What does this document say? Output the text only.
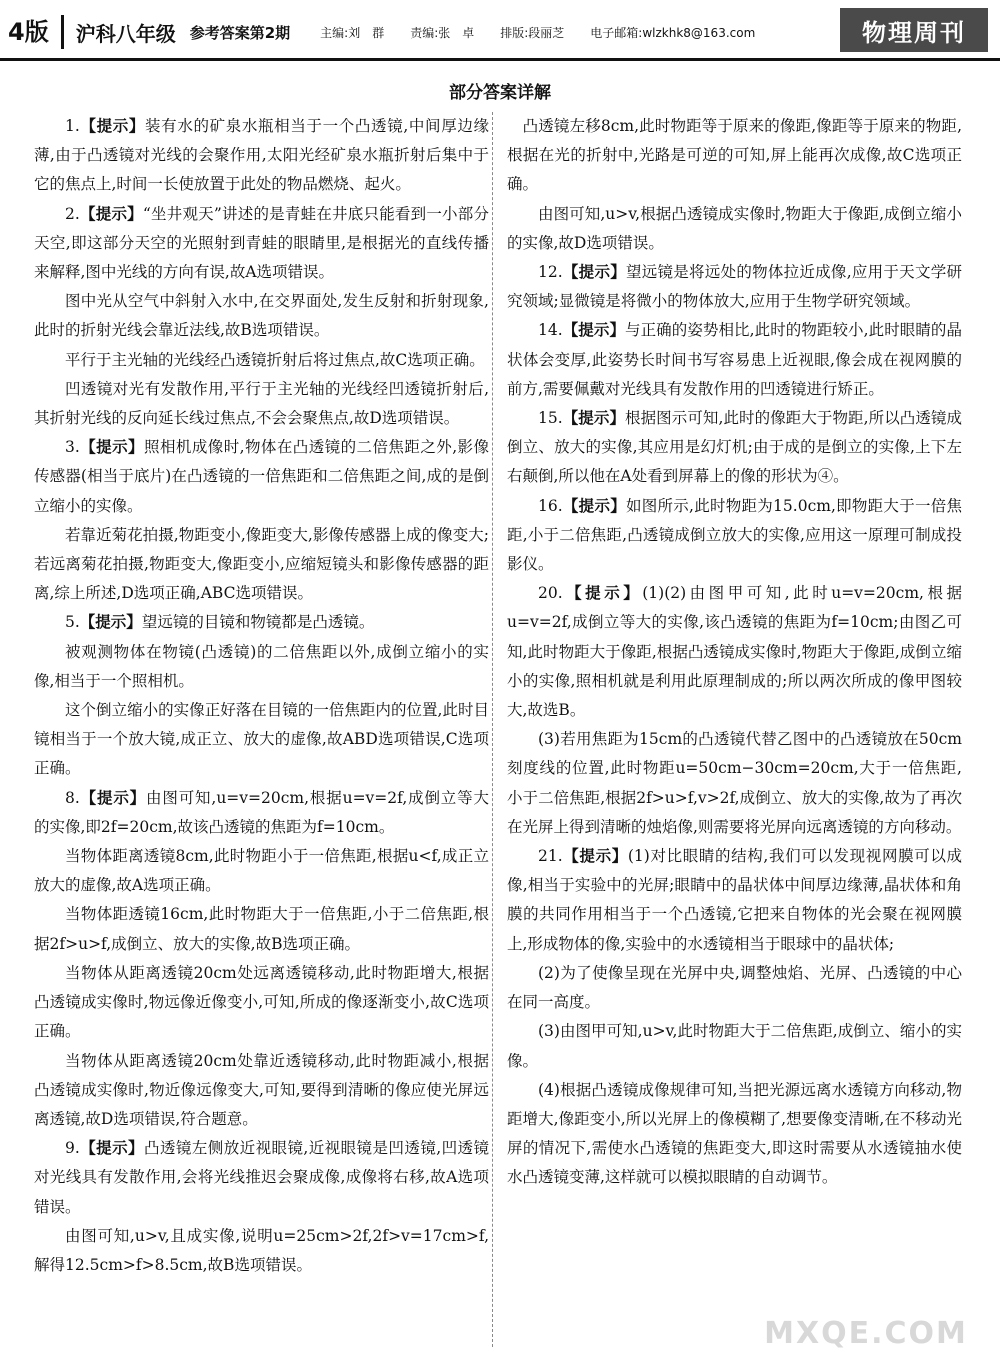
4版	沪科八年级 参考答案第2期	主编:刘　群 责编:张　卓 排版:段丽芝 电子邮箱:wlzkhk8@163.com	物理周刊
部分答案详解

1.【提示】装有水的矿泉水瓶相当于一个凸透镜,中间厚边缘薄,由于凸透镜对光线的会聚作用,太阳光经矿泉水瓶折射后集中于它的焦点上,时间一长使放置于此处的物品燃烧、起火。

2.【提示】“坐井观天”讲述的是青蛙在井底只能看到一小部分天空,即这部分天空的光照射到青蛙的眼睛里,是根据光的直线传播来解释,图中光线的方向有误,故A选项错误。

图中光从空气中斜射入水中,在交界面处,发生反射和折射现象,此时的折射光线会靠近法线,故B选项错误。

平行于主光轴的光线经凸透镜折射后将过焦点,故C选项正确。

凹透镜对光有发散作用,平行于主光轴的光线经凹透镜折射后,其折射光线的反向延长线过焦点,不会会聚焦点,故D选项错误。

3.【提示】照相机成像时,物体在凸透镜的二倍焦距之外,影像传感器(相当于底片)在凸透镜的一倍焦距和二倍焦距之间,成的是倒立缩小的实像。

若靠近菊花拍摄,物距变小,像距变大,影像传感器上成的像变大;若远离菊花拍摄,物距变大,像距变小,应缩短镜头和影像传感器的距离,综上所述,D选项正确,ABC选项错误。

5.【提示】望远镜的目镜和物镜都是凸透镜。

被观测物体在物镜(凸透镜)的二倍焦距以外,成倒立缩小的实像,相当于一个照相机。

这个倒立缩小的实像正好落在目镜的一倍焦距内的位置,此时目镜相当于一个放大镜,成正立、放大的虚像,故ABD选项错误,C选项正确。

8.【提示】由图可知,u=v=20cm,根据u=v=2f,成倒立等大的实像,即2f=20cm,故该凸透镜的焦距为f=10cm。

当物体距离透镜8cm,此时物距小于一倍焦距,根据u<f,成正立放大的虚像,故A选项正确。

当物体距透镜16cm,此时物距大于一倍焦距,小于二倍焦距,根据2f>u>f,成倒立、放大的实像,故B选项正确。

当物体从距离透镜20cm处远离透镜移动,此时物距增大,根据凸透镜成实像时,物远像近像变小,可知,所成的像逐渐变小,故C选项正确。

当物体从距离透镜20cm处靠近透镜移动,此时物距减小,根据凸透镜成实像时,物近像远像变大,可知,要得到清晰的像应使光屏远离透镜,故D选项错误,符合题意。

9.【提示】凸透镜左侧放近视眼镜,近视眼镜是凹透镜,凹透镜对光线具有发散作用,会将光线推迟会聚成像,成像将右移,故A选项错误。

由图可知,u>v,且成实像,说明u=25cm>2f,2f>v=17cm>f,解得12.5cm>f>8.5cm,故B选项错误。

　凸透镜左移8cm,此时物距等于原来的像距,像距等于原来的物距,根据在光的折射中,光路是可逆的可知,屏上能再次成像,故C选项正确。

由图可知,u>v,根据凸透镜成实像时,物距大于像距,成倒立缩小的实像,故D选项错误。

12.【提示】望远镜是将远处的物体拉近成像,应用于天文学研究领域;显微镜是将微小的物体放大,应用于生物学研究领域。

14.【提示】与正确的姿势相比,此时的物距较小,此时眼睛的晶状体会变厚,此姿势长时间书写容易患上近视眼,像会成在视网膜的前方,需要佩戴对光线具有发散作用的凹透镜进行矫正。

15.【提示】根据图示可知,此时的像距大于物距,所以凸透镜成倒立、放大的实像,其应用是幻灯机;由于成的是倒立的实像,上下左右颠倒,所以他在A处看到屏幕上的像的形状为④。

16.【提示】如图所示,此时物距为15.0cm,即物距大于一倍焦距,小于二倍焦距,凸透镜成倒立放大的实像,应用这一原理可制成投影仪。

20.【提示】(1)(2)由图甲可知,此时u=v=20cm,根据u=v=2f,成倒立等大的实像,该凸透镜的焦距为f=10cm;由图乙可知,此时物距大于像距,根据凸透镜成实像时,物距大于像距,成倒立缩小的实像,照相机就是利用此原理制成的;所以两次所成的像甲图较大,故选B。

(3)若用焦距为15cm的凸透镜代替乙图中的凸透镜放在50cm刻度线的位置,此时物距u=50cm−30cm=20cm,大于一倍焦距,小于二倍焦距,根据2f>u>f,v>2f,成倒立、放大的实像,故为了再次在光屏上得到清晰的烛焰像,则需要将光屏向远离透镜的方向移动。

21.【提示】(1)对比眼睛的结构,我们可以发现视网膜可以成像,相当于实验中的光屏;眼睛中的晶状体中间厚边缘薄,晶状体和角膜的共同作用相当于一个凸透镜,它把来自物体的光会聚在视网膜上,形成物体的像,实验中的水透镜相当于眼球中的晶状体;

(2)为了使像呈现在光屏中央,调整烛焰、光屏、凸透镜的中心在同一高度。

(3)由图甲可知,u>v,此时物距大于二倍焦距,成倒立、缩小的实像。

(4)根据凸透镜成像规律可知,当把光源远离水透镜方向移动,物距增大,像距变小,所以光屏上的像模糊了,想要像变清晰,在不移动光屏的情况下,需使水凸透镜的焦距变大,即这时需要从水透镜抽水使水凸透镜变薄,这样就可以模拟眼睛的自动调节。

MXQE.COM
